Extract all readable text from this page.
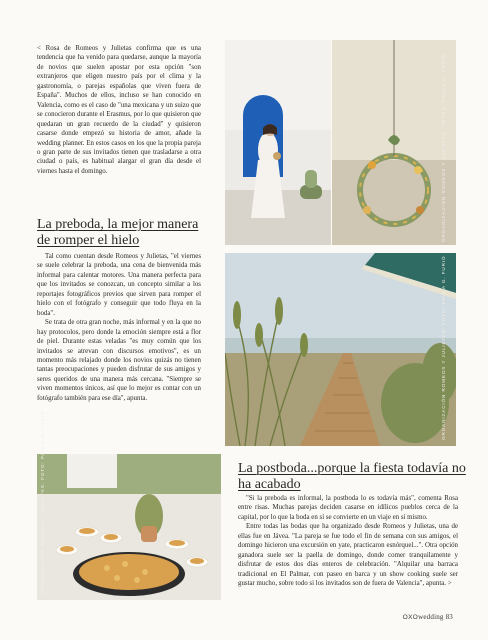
< Rosa de Romeos y Julietas confirma que es una tendencia que ha venido para quedarse, aunque la mayoría de novios que suelen apostar por esta opción "son extranjeros que eligen nuestro país por el clima y la gastronomía, o parejas españolas que viven fuera de España". Muchos de ellos, incluso se han conocido en Valencia, como es el caso de "una mexicana y un suizo que se conocieron durante el Erasmus, por lo que quisieron que quedaran un gran recuerdo de la ciudad" y quisieron casarse donde empezó su historia de amor, añade la wedding planner. En estos casos en los que la propia pareja o gran parte de sus invitados tienen que trasladarse a otra ciudad o país, es habitual alargar el gran día desde el viernes hasta el domingo.

La preboda, la mejor manera de romper el hielo

Tal como cuentan desde Romeos y Julietas, "el viernes se suele celebrar la preboda, una cena de bienvenida más informal para calentar motores. Una manera perfecta para que los invitados se conozcan, un concepto similar a los reportajes fotográficos previos que sirven para romper el hielo con el fotógrafo y conseguir que todo fluya en la boda".

Se trata de otra gran noche, más informal y en la que no hay protocolos, pero donde la emoción siempre está a flor de piel. Durante estas veladas "es muy común que los invitados se atrevan con discursos emotivos", es un momento más relajado donde los novios quizás no tienen tantas preocupaciones y pueden disfrutar de sus amigos y seres queridos de una manera más cercana. "Siempre se viven momentos únicos, así que lo mejor es contar con un fotógrafo también para ese día", apunta.

ORGANIZACIÓN ROMEOS Y JULIETAS. FOTOS: PAULA G. FURIÓ
ORGANIZACIÓN ROMEOS Y JULIETAS. FOTO: PAULA G. FURIÓ
La postboda...porque la fiesta todavía no ha acabado

"Si la preboda es informal, la postboda lo es todavía más", comenta Rosa entre risas. Muchas parejas deciden casarse en idílicos pueblos cerca de la capital, por lo que la boda en sí se convierte en un viaje en sí mismo.

Entre todas las bodas que ha organizado desde Romeos y Julietas, una de ellas fue en Jávea. "La pareja se fue todo el fin de semana con sus amigos, el domingo hicieron una excursión en yate, practicaron esnórquel...". Otra opción ganadora suele ser la paella de domingo, donde comer tranquilamente y disfrutar de estos dos días enteros de celebración. "Alquilar una barraca tradicional en El Palmar, con paseo en barca y un show cooking suele ser gustar mucho, sobre todo si los invitados son de fuera de Valencia", apunta. >

ORGANIZACIÓN ROMEOS Y JULIETAS. FOTO: PAULA G. FURIÓ
OXOwedding 83
